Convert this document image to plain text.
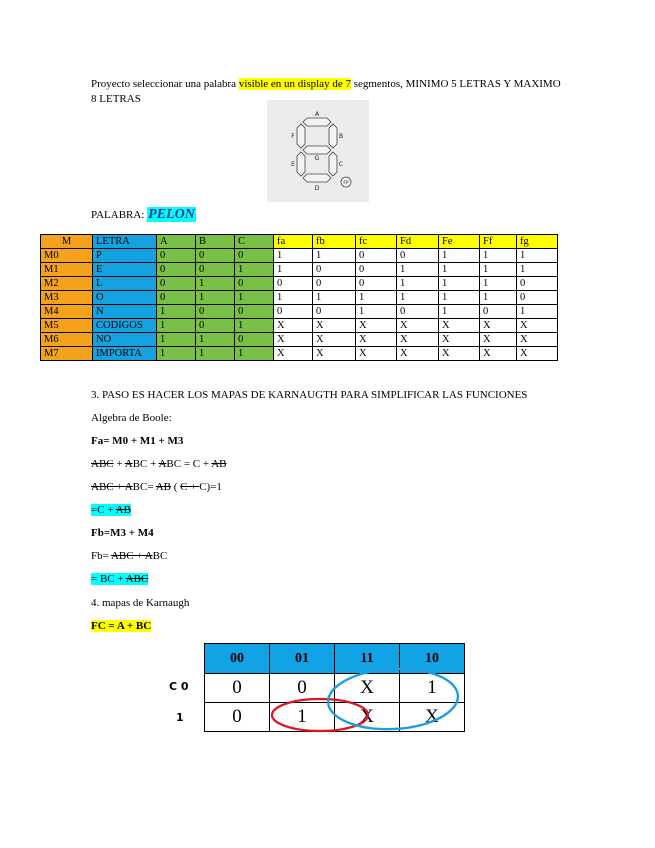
Proyecto seleccionar una palabra visible en un display de 7 segmentos, MINIMO 5 LETRAS Y MAXIMO 8 LETRAS
A
B
C
D
E
F
G
FP
PALABRA: PELON
M	LETRA	A	B	C	fa	fb	fc	Fd	Fe	Ff	fg
M0	P	0	0	0	1	1	0	0	1	1	1
M1	E	0	0	1	1	0	0	1	1	1	1
M2	L	0	1	0	0	0	0	1	1	1	0
M3	O	0	1	1	1	1	1	1	1	1	0
M4	N	1	0	0	0	0	1	0	1	0	1
M5	CODIGOS	1	0	1	X	X	X	X	X	X	X
M6	NO	1	1	0	X	X	X	X	X	X	X
M7	IMPORTA	1	1	1	X	X	X	X	X	X	X
3. PASO ES HACER LOS MAPAS DE KARNAUGTH PARA SIMPLIFICAR LAS FUNCIONES
Algebra de Boole:
Fa= M0 + M1 + M3
ABC + ABC + ABC = C + AB
ABC + ABC= AB ( C + C)=1
=C + AB
Fb=M3 + M4
Fb= ABC + ABC
= BC + ABC
4. mapas de Karnaugh
FC = A + BC
C 0
1
00	01	11	10
0	0	X	1
0	1	X	X
